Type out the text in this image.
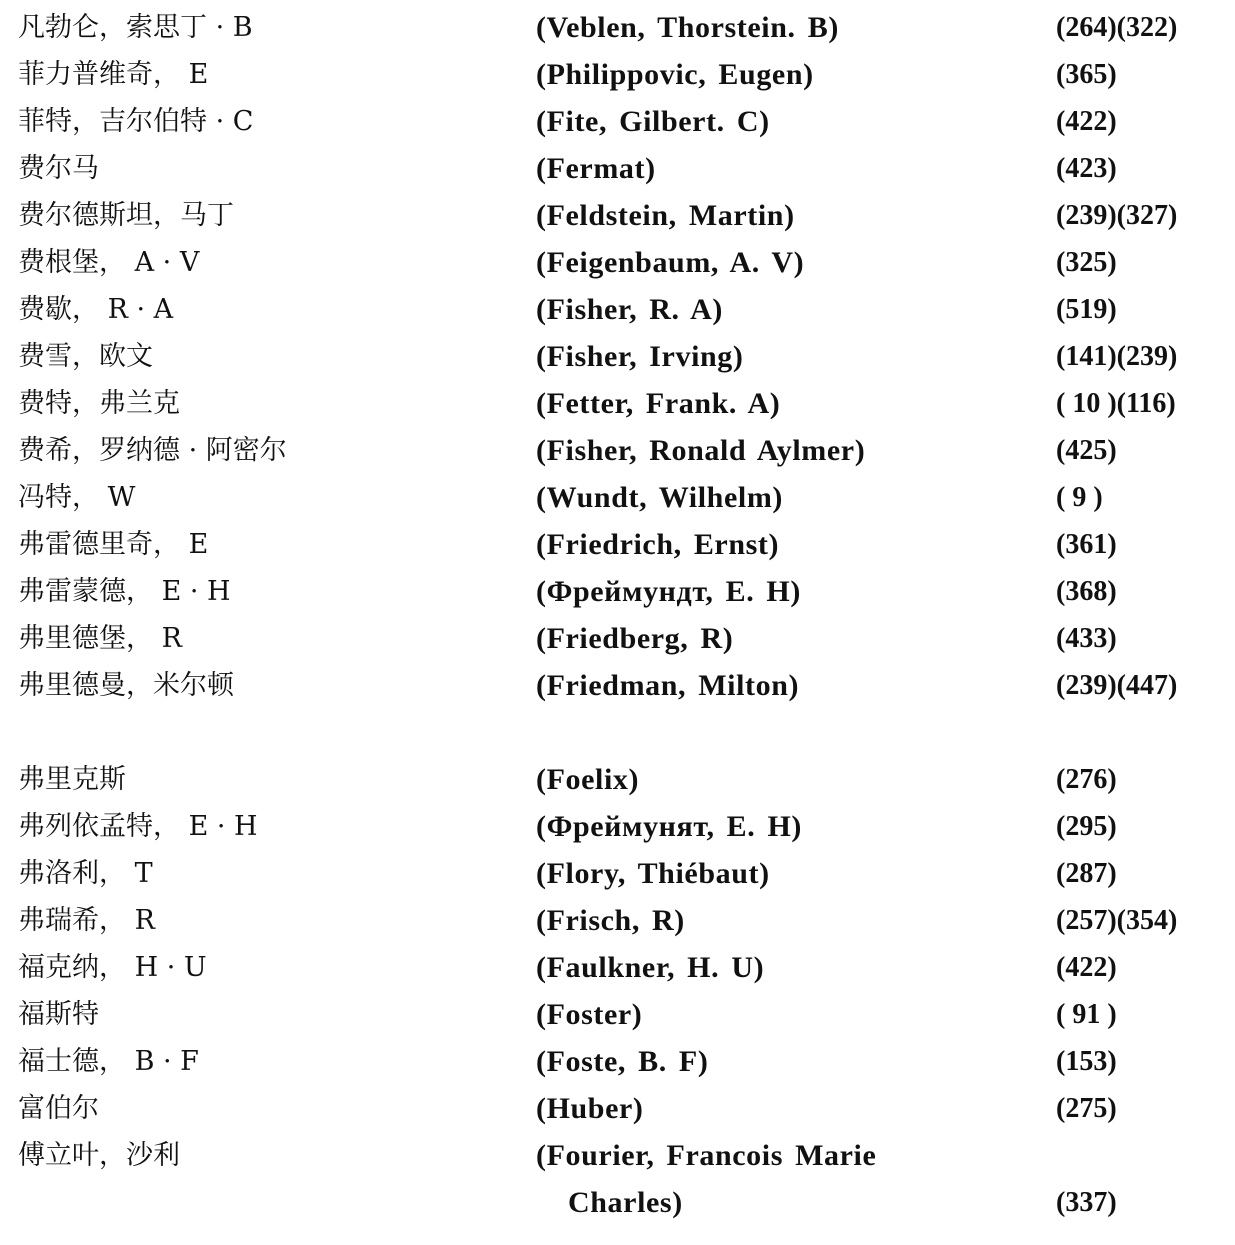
凡勃仑，索思丁 · B	(Veblen, Thorstein. B)	(264)(322)
菲力普维奇， E	(Philippovic, Eugen)	(365)
菲特，吉尔伯特 · C	(Fite, Gilbert. C)	(422)
费尔马	(Fermat)	(423)
费尔德斯坦，马丁	(Feldstein, Martin)	(239)(327)
费根堡， A · V	(Feigenbaum, A. V)	(325)
费歇， R · A	(Fisher, R. A)	(519)
费雪，欧文	(Fisher, Irving)	(141)(239)
费特，弗兰克	(Fetter, Frank. A)	( 10 )(116)
费希，罗纳德 · 阿密尔	(Fisher, Ronald Aylmer)	(425)
冯特， W	(Wundt, Wilhelm)	( 9 )
弗雷德里奇， E	(Friedrich, Ernst)	(361)
弗雷蒙德， E · H	(Фреймундт, E. H)	(368)
弗里德堡， R	(Friedberg, R)	(433)
弗里德曼，米尔顿	(Friedman, Milton)	(239)(447)
弗里克斯	(Foelix)	(276)
弗列依孟特， E · H	(Фреймунят, E. H)	(295)
弗洛利， T	(Flory, Thiébaut)	(287)
弗瑞希， R	(Frisch, R)	(257)(354)
福克纳， H · U	(Faulkner, H. U)	(422)
福斯特	(Foster)	( 91 )
福士德， B · F	(Foste, B. F)	(153)
富伯尔	(Huber)	(275)
傅立叶，沙利	(Fourier, Francois Marie
Charles)	(337)
